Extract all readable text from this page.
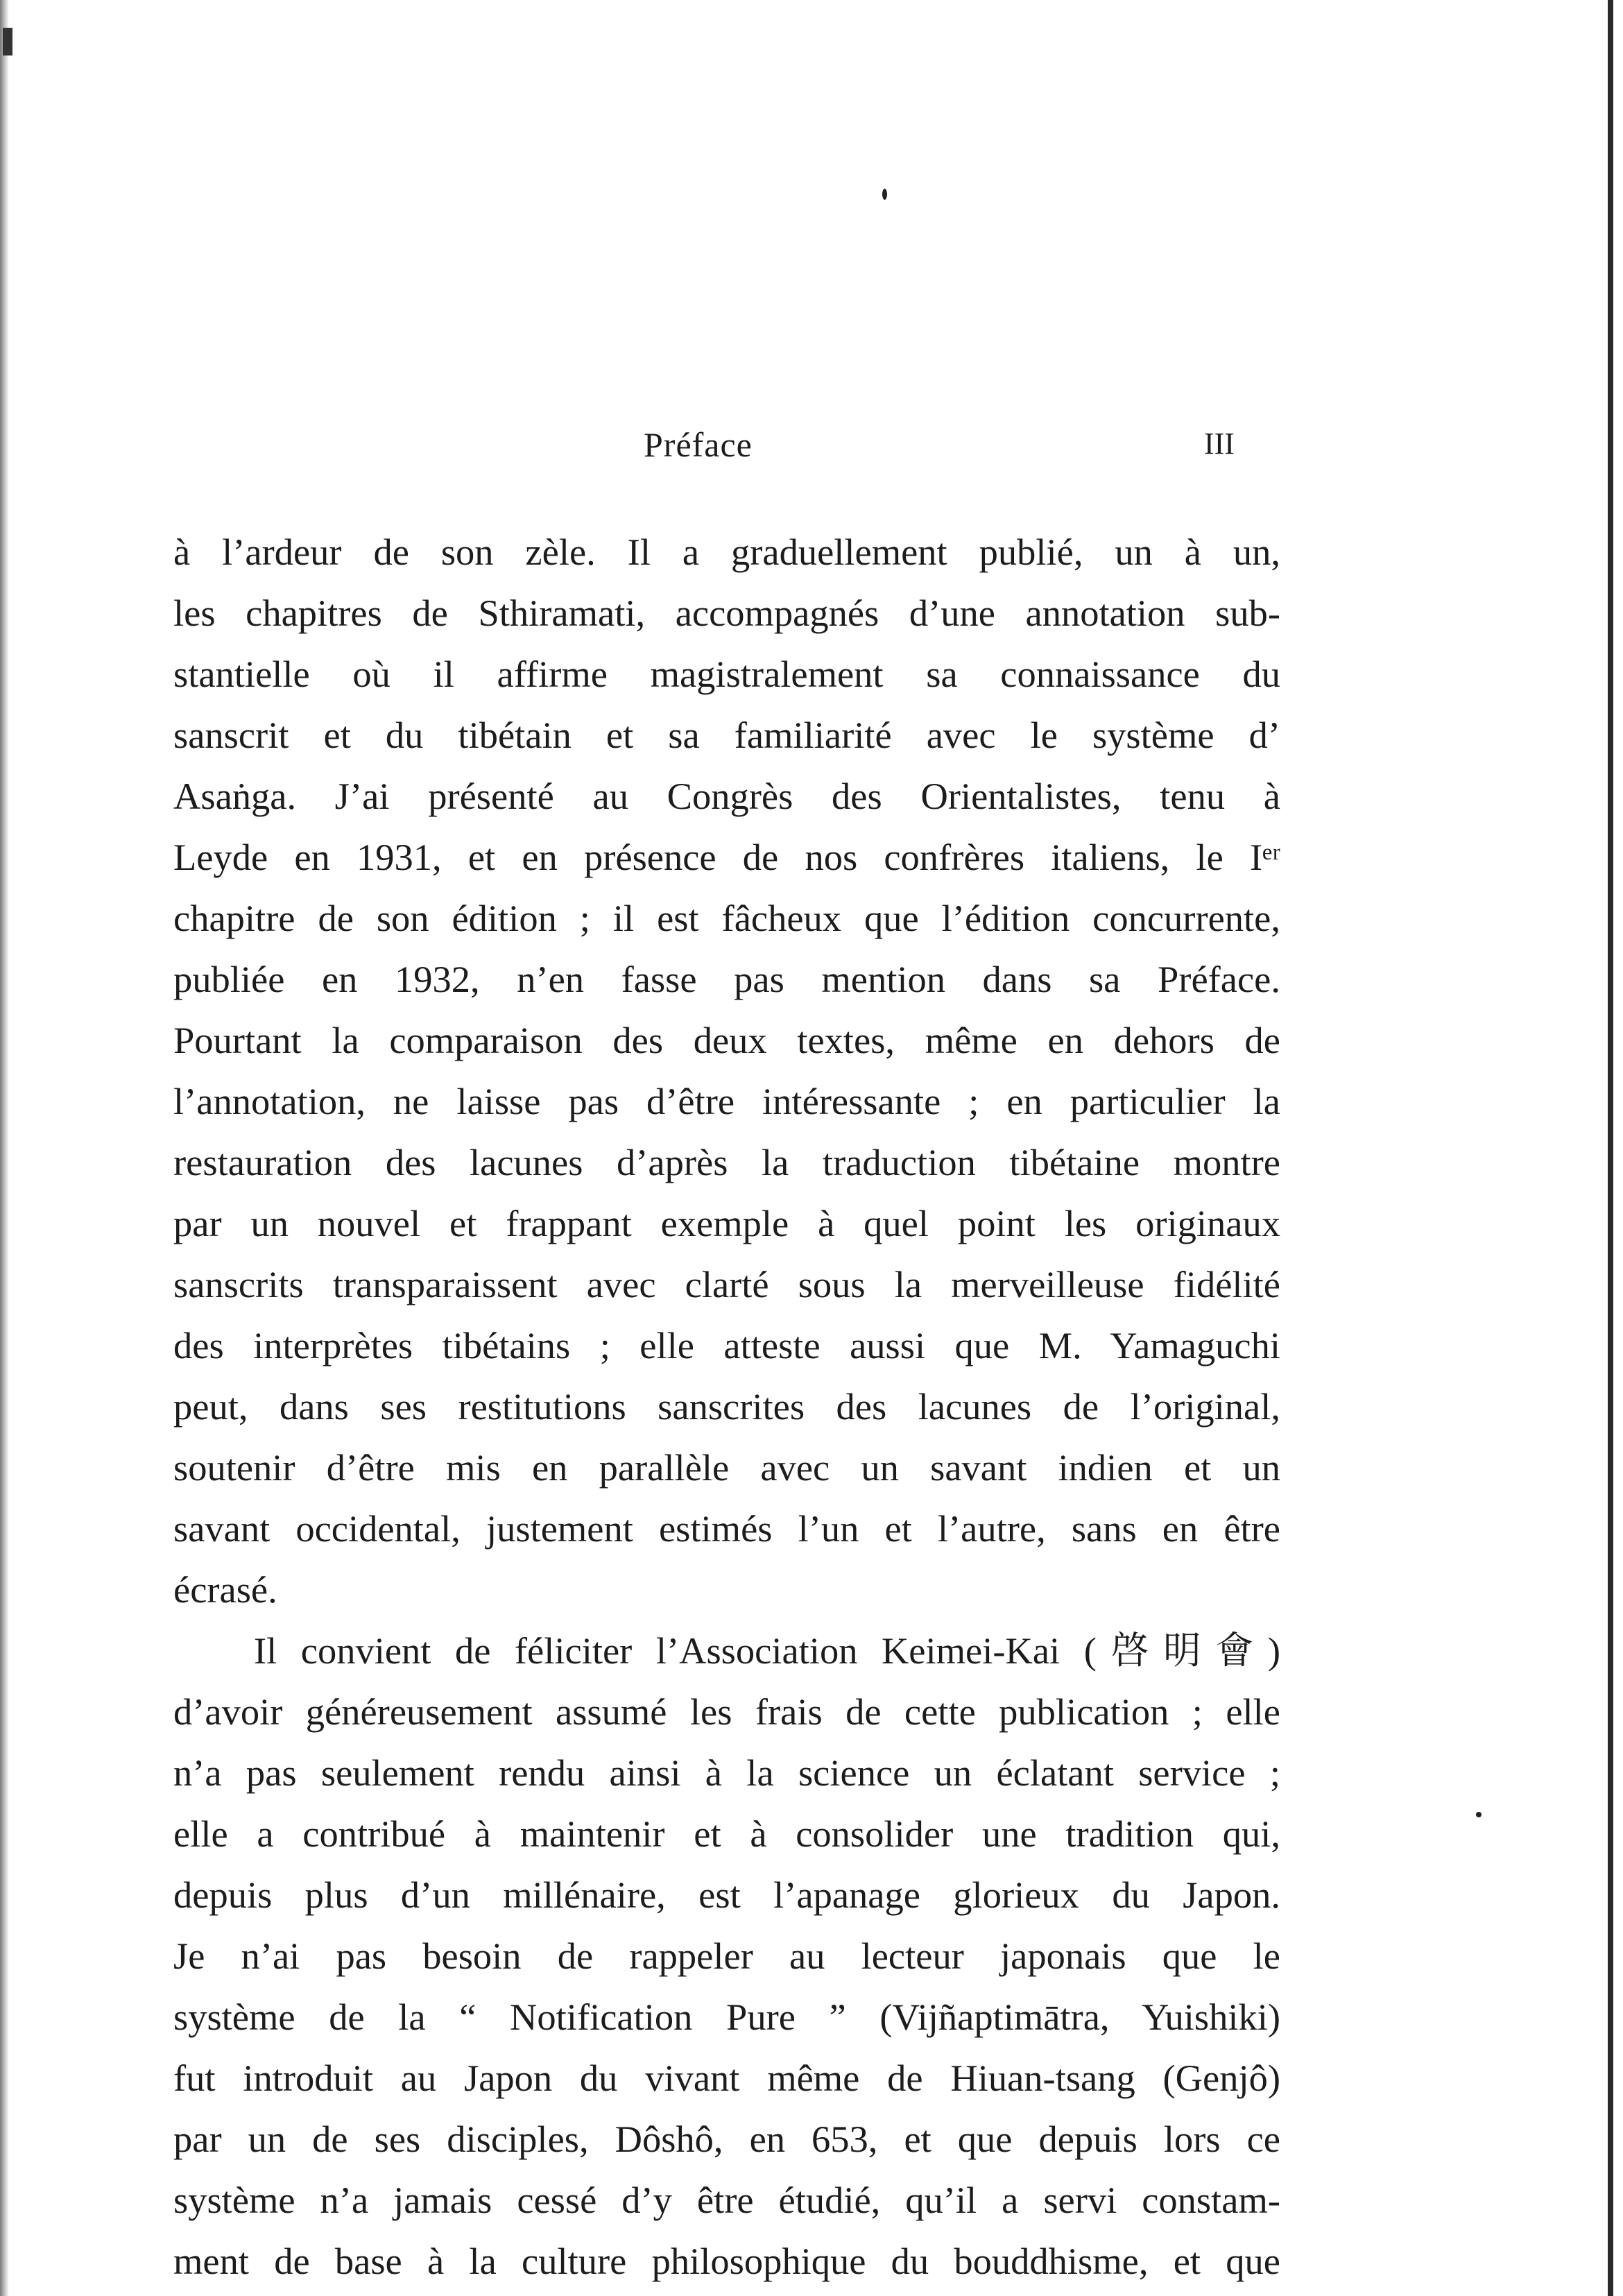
Préface	III
à l’ardeur de son zèle. Il a graduellement publié, un à un,
les chapitres de Sthiramati, accompagnés d’une annotation sub-
stantielle où il affirme magistralement sa connaissance du
sanscrit et du tibétain et sa familiarité avec le système d’
Asaṅga. J’ai présenté au Congrès des Orientalistes, tenu à
Leyde en 1931, et en présence de nos confrères italiens, le Iᵉʳ
chapitre de son édition ; il est fâcheux que l’édition concurrente,
publiée en 1932, n’en fasse pas mention dans sa Préface.
Pourtant la comparaison des deux textes, même en dehors de
l’annotation, ne laisse pas d’être intéressante ; en particulier la
restauration des lacunes d’après la traduction tibétaine montre
par un nouvel et frappant exemple à quel point les originaux
sanscrits transparaissent avec clarté sous la merveilleuse fidélité
des interprètes tibétains ; elle atteste aussi que M. Yamaguchi
peut, dans ses restitutions sanscrites des lacunes de l’original,
soutenir d’être mis en parallèle avec un savant indien et un
savant occidental, justement estimés l’un et l’autre, sans en être
écrasé.
Il convient de féliciter l’Association Keimei-Kai (啓明會)
d’avoir généreusement assumé les frais de cette publication ; elle
n’a pas seulement rendu ainsi à la science un éclatant service ;
elle a contribué à maintenir et à consolider une tradition qui,
depuis plus d’un millénaire, est l’apanage glorieux du Japon.
Je n’ai pas besoin de rappeler au lecteur japonais que le
système de la “ Notification Pure ” (Vijñaptimātra, Yuishiki)
fut introduit au Japon du vivant même de Hiuan-tsang (Genjô)
par un de ses disciples, Dôshô, en 653, et que depuis lors ce
système n’a jamais cessé d’y être étudié, qu’il a servi constam-
ment de base à la culture philosophique du bouddhisme, et que
